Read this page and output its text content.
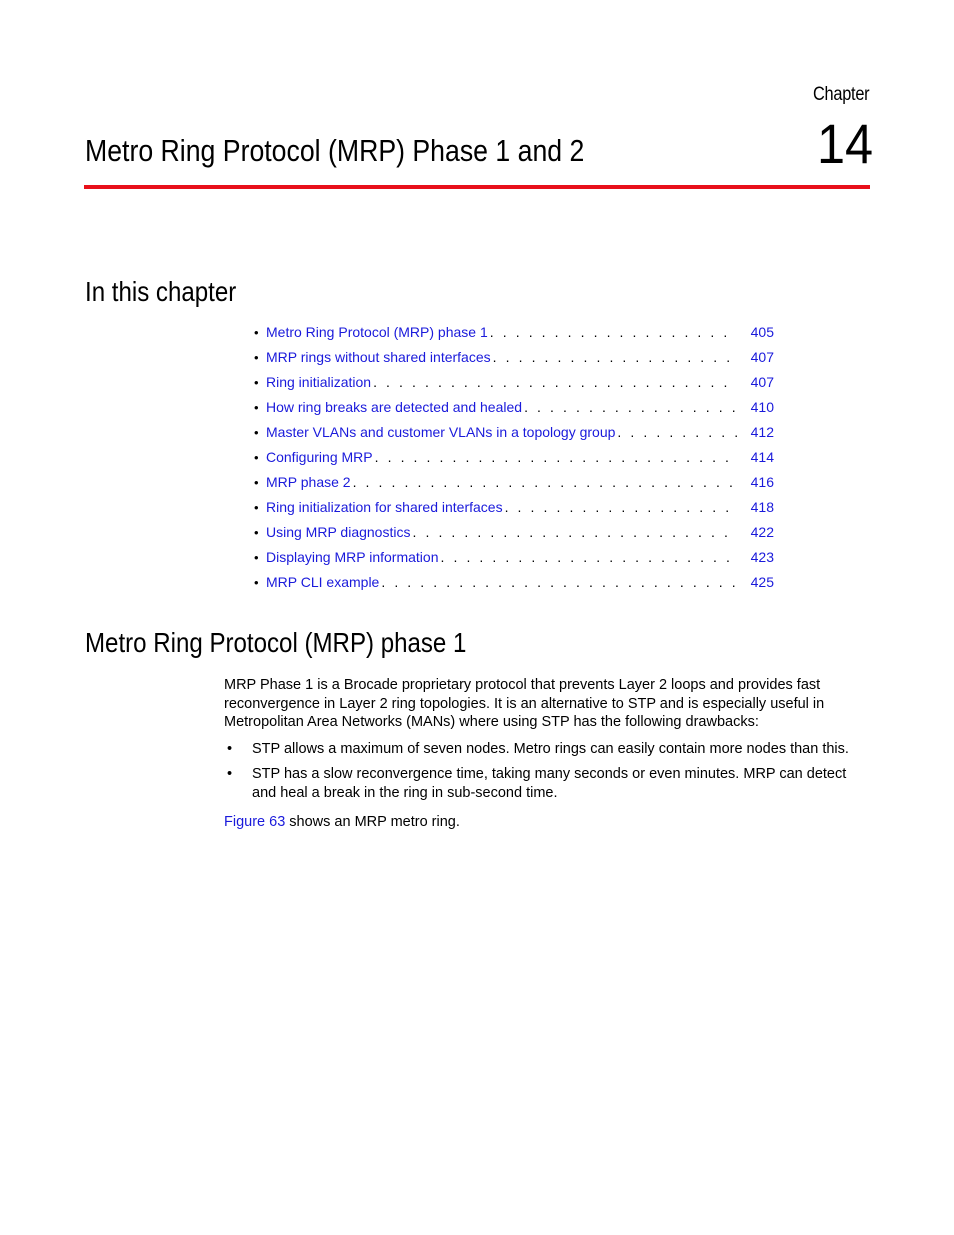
Chapter
14
Metro Ring Protocol (MRP) Phase 1 and 2
In this chapter
• Metro Ring Protocol (MRP) phase 1 . . .	405
• MRP rings without shared interfaces . . .	407
• Ring initialization . . .	407
• How ring breaks are detected and healed . . .	410
• Master VLANs and customer VLANs in a topology group . . .	412
• Configuring MRP . . .	414
• MRP phase 2 . . .	416
• Ring initialization for shared interfaces . . .	418
• Using MRP diagnostics . . .	422
• Displaying MRP information . . .	423
• MRP CLI example . . .	425
Metro Ring Protocol (MRP) phase 1

MRP Phase 1 is a Brocade proprietary protocol that prevents Layer 2 loops and provides fast reconvergence in Layer 2 ring topologies. It is an alternative to STP and is especially useful in Metropolitan Area Networks (MANs) where using STP has the following drawbacks:

• STP allows a maximum of seven nodes. Metro rings can easily contain more nodes than this.
• STP has a slow reconvergence time, taking many seconds or even minutes. MRP can detect and heal a break in the ring in sub-second time.

Figure 63 shows an MRP metro ring.
